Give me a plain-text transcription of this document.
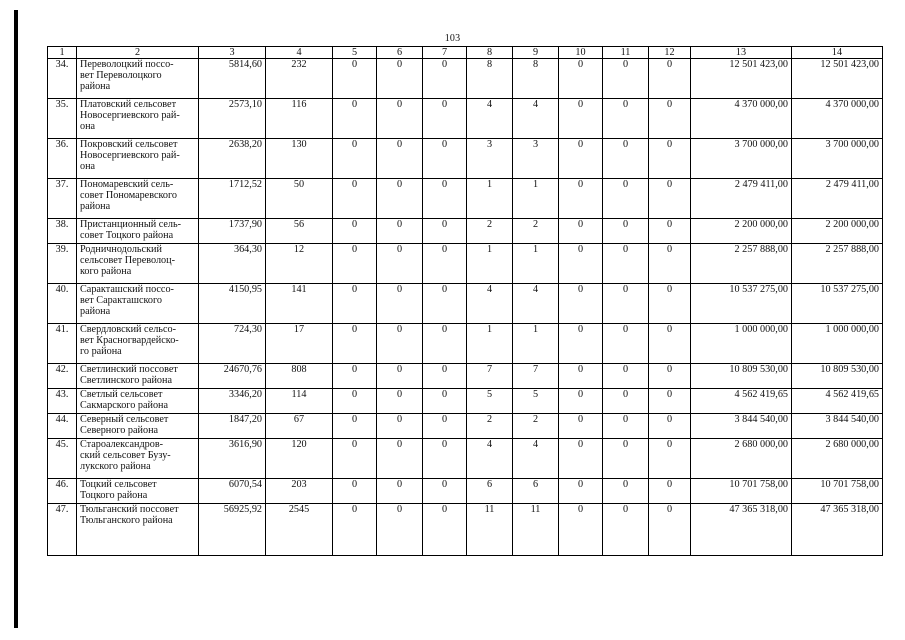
103
1	2	3	4	5	6	7	8	9	10	11	12	13	14
34.	Переволоцкий поссо-
вет Переволоцкого
района	5814,60	232	0	0	0	8	8	0	0	0	12 501 423,00	12 501 423,00
35.	Платовский сельсовет
Новосергиевского рай-
она	2573,10	116	0	0	0	4	4	0	0	0	4 370 000,00	4 370 000,00
36.	Покровский сельсовет
Новосергиевского рай-
она	2638,20	130	0	0	0	3	3	0	0	0	3 700 000,00	3 700 000,00
37.	Пономаревский сель-
совет Пономаревского
района	1712,52	50	0	0	0	1	1	0	0	0	2 479 411,00	2 479 411,00
38.	Пристанционный сель-
совет Тоцкого района	1737,90	56	0	0	0	2	2	0	0	0	2 200 000,00	2 200 000,00
39.	Родничнодольский
сельсовет Переволоц-
кого района	364,30	12	0	0	0	1	1	0	0	0	2 257 888,00	2 257 888,00
40.	Саракташский поссо-
вет Саракташского
района	4150,95	141	0	0	0	4	4	0	0	0	10 537 275,00	10 537 275,00
41.	Свердловский сельсо-
вет Красногвардейско-
го района	724,30	17	0	0	0	1	1	0	0	0	1 000 000,00	1 000 000,00
42.	Светлинский поссовет
Светлинского района	24670,76	808	0	0	0	7	7	0	0	0	10 809 530,00	10 809 530,00
43.	Светлый сельсовет
Сакмарского района	3346,20	114	0	0	0	5	5	0	0	0	4 562 419,65	4 562 419,65
44.	Северный сельсовет
Северного района	1847,20	67	0	0	0	2	2	0	0	0	3 844 540,00	3 844 540,00
45.	Староалександров-
ский сельсовет Бузу-
лукского района	3616,90	120	0	0	0	4	4	0	0	0	2 680 000,00	2 680 000,00
46.	Тоцкий сельсовет
Тоцкого района	6070,54	203	0	0	0	6	6	0	0	0	10 701 758,00	10 701 758,00
47.	Тюльганский поссовет
Тюльганского района	56925,92	2545	0	0	0	11	11	0	0	0	47 365 318,00	47 365 318,00
